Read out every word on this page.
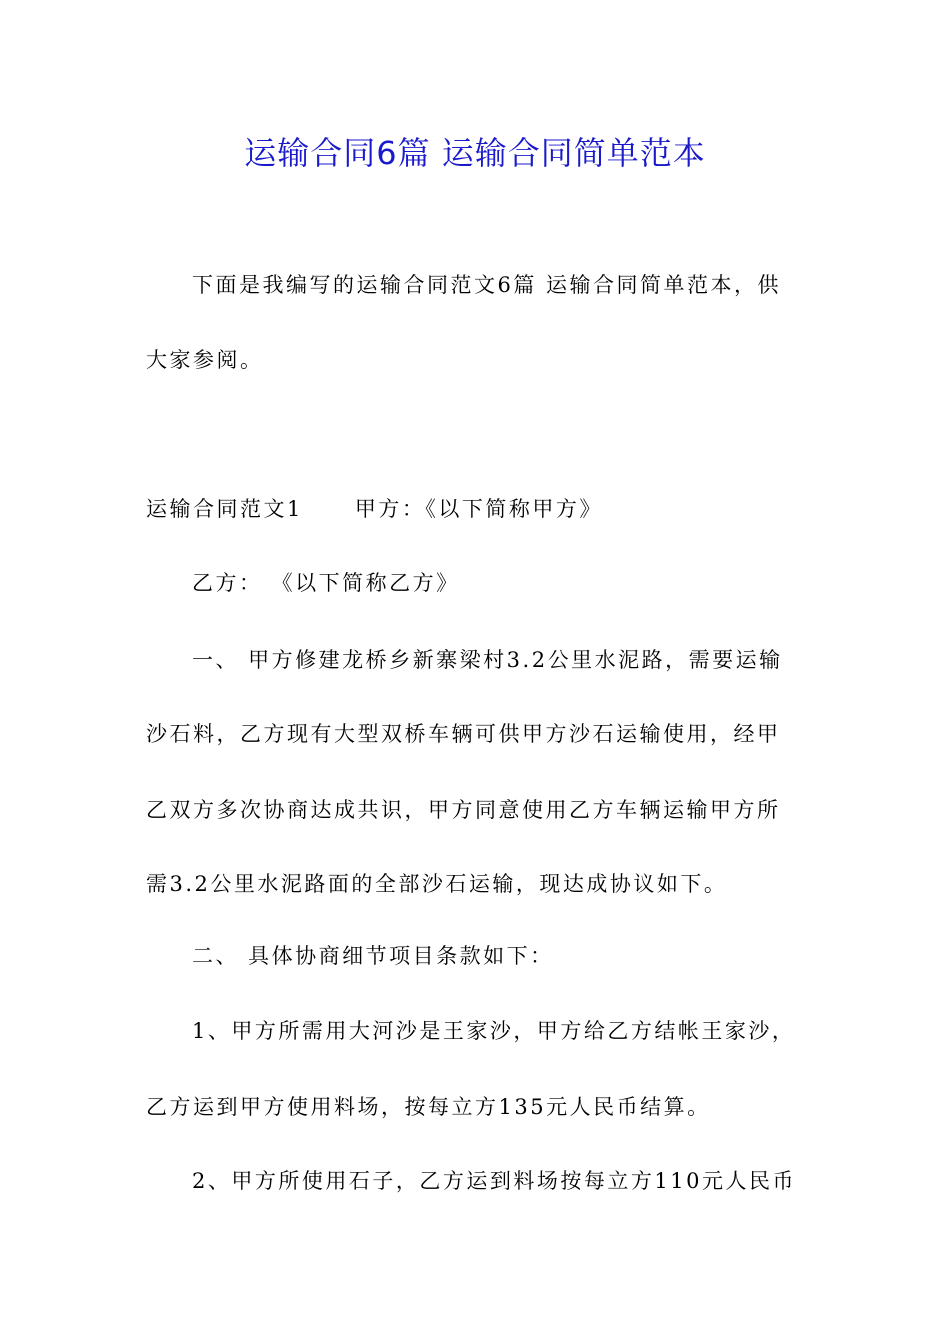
运输合同6篇 运输合同简单范本
下面是我编写的运输合同范文6篇 运输合同简单范本，供
大家参阅。
运输合同范文1 甲方：《以下简称甲方》
乙方： 《以下简称乙方》
一、 甲方修建龙桥乡新寨梁村3.2公里水泥路，需要运输
沙石料，乙方现有大型双桥车辆可供甲方沙石运输使用，经甲
乙双方多次协商达成共识，甲方同意使用乙方车辆运输甲方所
需3.2公里水泥路面的全部沙石运输，现达成协议如下。
二、 具体协商细节项目条款如下：
1、甲方所需用大河沙是王家沙，甲方给乙方结帐王家沙，
乙方运到甲方使用料场，按每立方135元人民币结算。
2、甲方所使用石子，乙方运到料场按每立方110元人民币
